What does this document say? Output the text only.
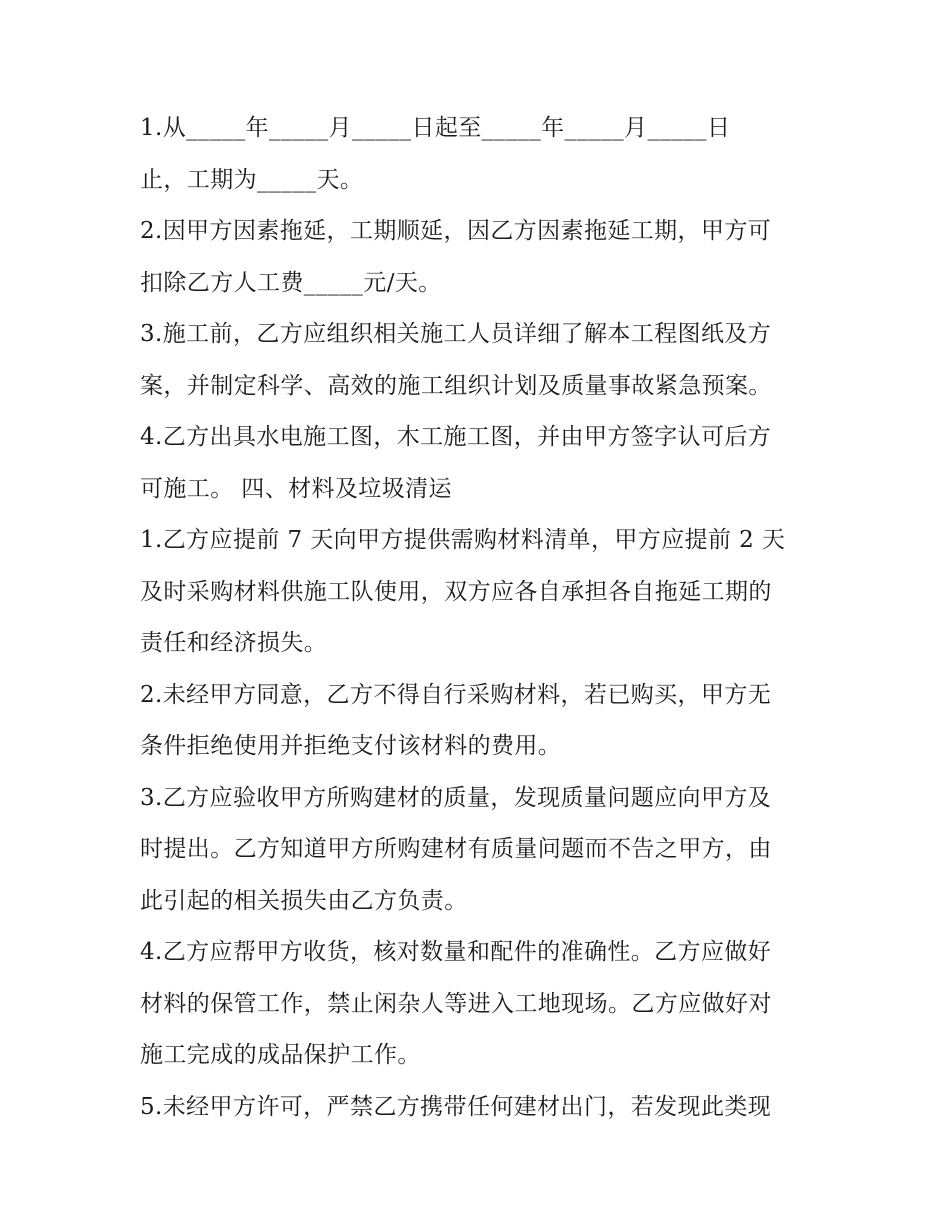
1.从_____年_____月_____日起至_____年_____月_____日
止，工期为_____天。
2.因甲方因素拖延，工期顺延，因乙方因素拖延工期，甲方可
扣除乙方人工费_____元/天。
3.施工前，乙方应组织相关施工人员详细了解本工程图纸及方
案，并制定科学、高效的施工组织计划及质量事故紧急预案。
4.乙方出具水电施工图，木工施工图，并由甲方签字认可后方
可施工。 四、材料及垃圾清运
1.乙方应提前 7 天向甲方提供需购材料清单，甲方应提前 2 天
及时采购材料供施工队使用，双方应各自承担各自拖延工期的
责任和经济损失。
2.未经甲方同意，乙方不得自行采购材料，若已购买，甲方无
条件拒绝使用并拒绝支付该材料的费用。
3.乙方应验收甲方所购建材的质量，发现质量问题应向甲方及
时提出。乙方知道甲方所购建材有质量问题而不告之甲方，由
此引起的相关损失由乙方负责。
4.乙方应帮甲方收货，核对数量和配件的准确性。乙方应做好
材料的保管工作，禁止闲杂人等进入工地现场。乙方应做好对
施工完成的成品保护工作。
5.未经甲方许可，严禁乙方携带任何建材出门，若发现此类现
